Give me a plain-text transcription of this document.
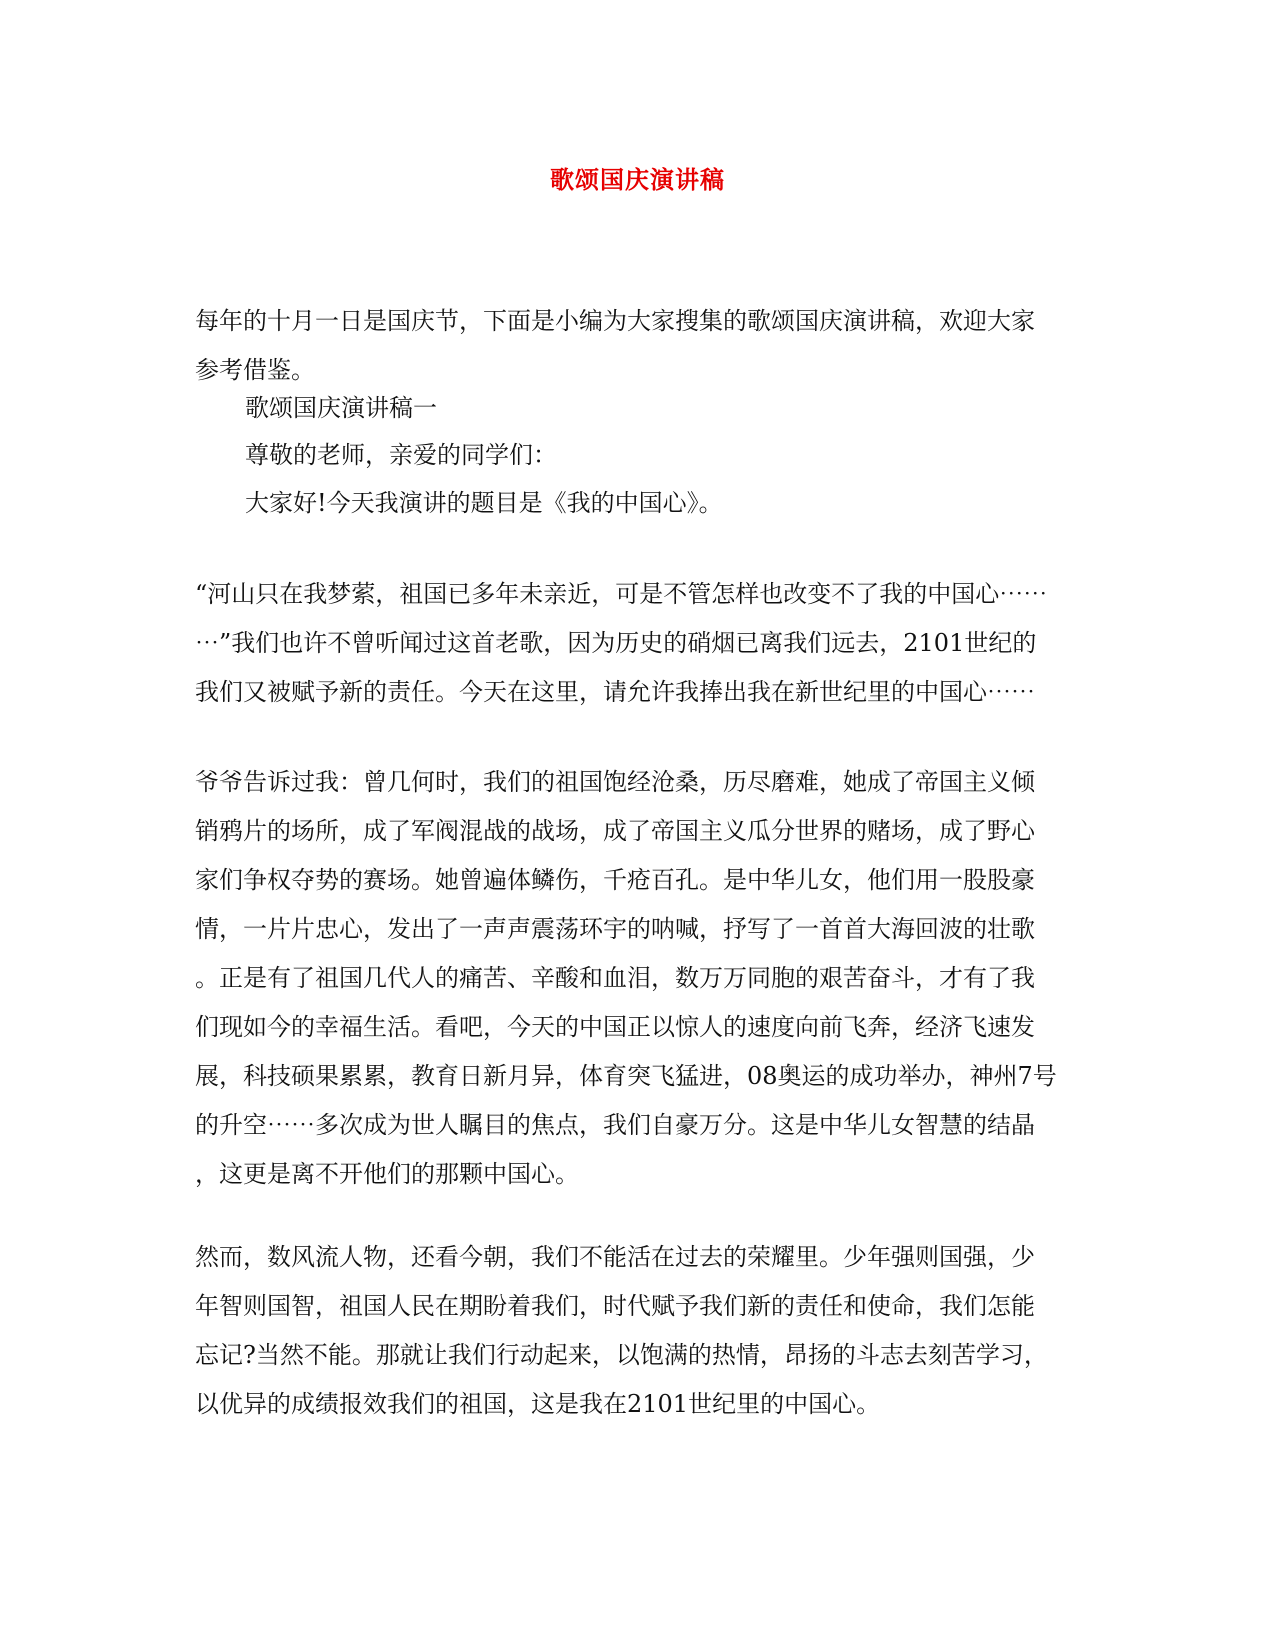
歌颂国庆演讲稿
每年的十月一日是国庆节，下面是小编为大家搜集的歌颂国庆演讲稿，欢迎大家
参考借鉴。
歌颂国庆演讲稿一
尊敬的老师，亲爱的同学们：
大家好!今天我演讲的题目是《我的中国心》。
“河山只在我梦萦，祖国已多年未亲近，可是不管怎样也改变不了我的中国心⋯⋯
⋯”我们也许不曾听闻过这首老歌，因为历史的硝烟已离我们远去，2101世纪的
我们又被赋予新的责任。今天在这里，请允许我捧出我在新世纪里的中国心⋯⋯
爷爷告诉过我：曾几何时，我们的祖国饱经沧桑，历尽磨难，她成了帝国主义倾
销鸦片的场所，成了军阀混战的战场，成了帝国主义瓜分世界的赌场，成了野心
家们争权夺势的赛场。她曾遍体鳞伤，千疮百孔。是中华儿女，他们用一股股豪
情，一片片忠心，发出了一声声震荡环宇的呐喊，抒写了一首首大海回波的壮歌
。正是有了祖国几代人的痛苦、辛酸和血泪，数万万同胞的艰苦奋斗，才有了我
们现如今的幸福生活。看吧，今天的中国正以惊人的速度向前飞奔，经济飞速发
展，科技硕果累累，教育日新月异，体育突飞猛进，08奥运的成功举办，神州7号
的升空⋯⋯多次成为世人瞩目的焦点，我们自豪万分。这是中华儿女智慧的结晶
，这更是离不开他们的那颗中国心。
然而，数风流人物，还看今朝，我们不能活在过去的荣耀里。少年强则国强，少
年智则国智，祖国人民在期盼着我们，时代赋予我们新的责任和使命，我们怎能
忘记?当然不能。那就让我们行动起来，以饱满的热情，昂扬的斗志去刻苦学习，
以优异的成绩报效我们的祖国，这是我在2101世纪里的中国心。
